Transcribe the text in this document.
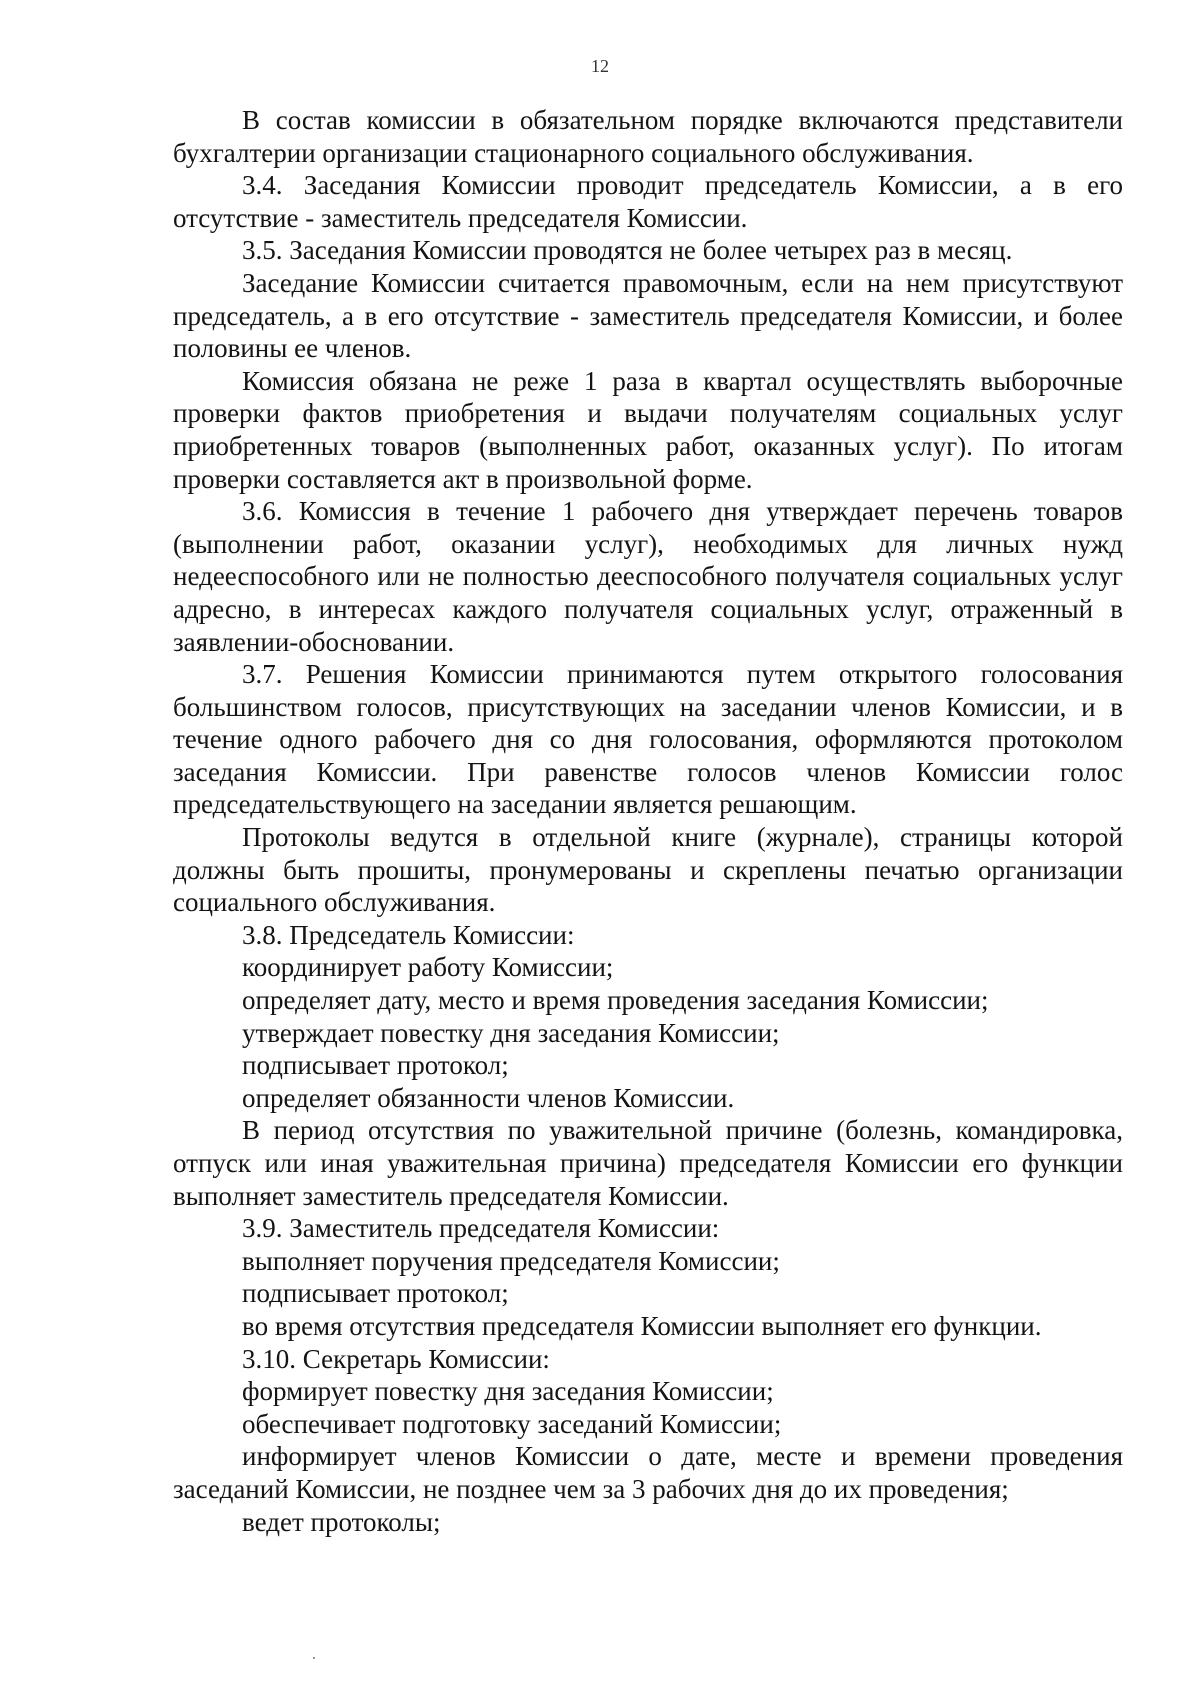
12

В состав комиссии в обязательном порядке включаются представители бухгалтерии организации стационарного социального обслуживания.

3.4. Заседания Комиссии проводит председатель Комиссии, а в его отсутствие - заместитель председателя Комиссии.

3.5. Заседания Комиссии проводятся не более четырех раз в месяц.

Заседание Комиссии считается правомочным, если на нем присутствуют председатель, а в его отсутствие - заместитель председателя Комиссии, и более половины ее членов.

Комиссия обязана не реже 1 раза в квартал осуществлять выборочные проверки фактов приобретения и выдачи получателям социальных услуг приобретенных товаров (выполненных работ, оказанных услуг). По итогам проверки составляется акт в произвольной форме.

3.6. Комиссия в течение 1 рабочего дня утверждает перечень товаров (выполнении работ, оказании услуг), необходимых для личных нужд недееспособного или не полностью дееспособного получателя социальных услуг адресно, в интересах каждого получателя социальных услуг, отраженный в заявлении-обосновании.

3.7. Решения Комиссии принимаются путем открытого голосования большинством голосов, присутствующих на заседании членов Комиссии, и в течение одного рабочего дня со дня голосования, оформляются протоколом заседания Комиссии. При равенстве голосов членов Комиссии голос председательствующего на заседании является решающим.

Протоколы ведутся в отдельной книге (журнале), страницы которой должны быть прошиты, пронумерованы и скреплены печатью организации социального обслуживания.

3.8. Председатель Комиссии:

координирует работу Комиссии;

определяет дату, место и время проведения заседания Комиссии;

утверждает повестку дня заседания Комиссии;

подписывает протокол;

определяет обязанности членов Комиссии.

В период отсутствия по уважительной причине (болезнь, командировка, отпуск или иная уважительная причина) председателя Комиссии его функции выполняет заместитель председателя Комиссии.

3.9. Заместитель председателя Комиссии:

выполняет поручения председателя Комиссии;

подписывает протокол;

во время отсутствия председателя Комиссии выполняет его функции.

3.10. Секретарь Комиссии:

формирует повестку дня заседания Комиссии;

обеспечивает подготовку заседаний Комиссии;

информирует членов Комиссии о дате, месте и времени проведения заседаний Комиссии, не позднее чем за 3 рабочих дня до их проведения;

ведет протоколы;
